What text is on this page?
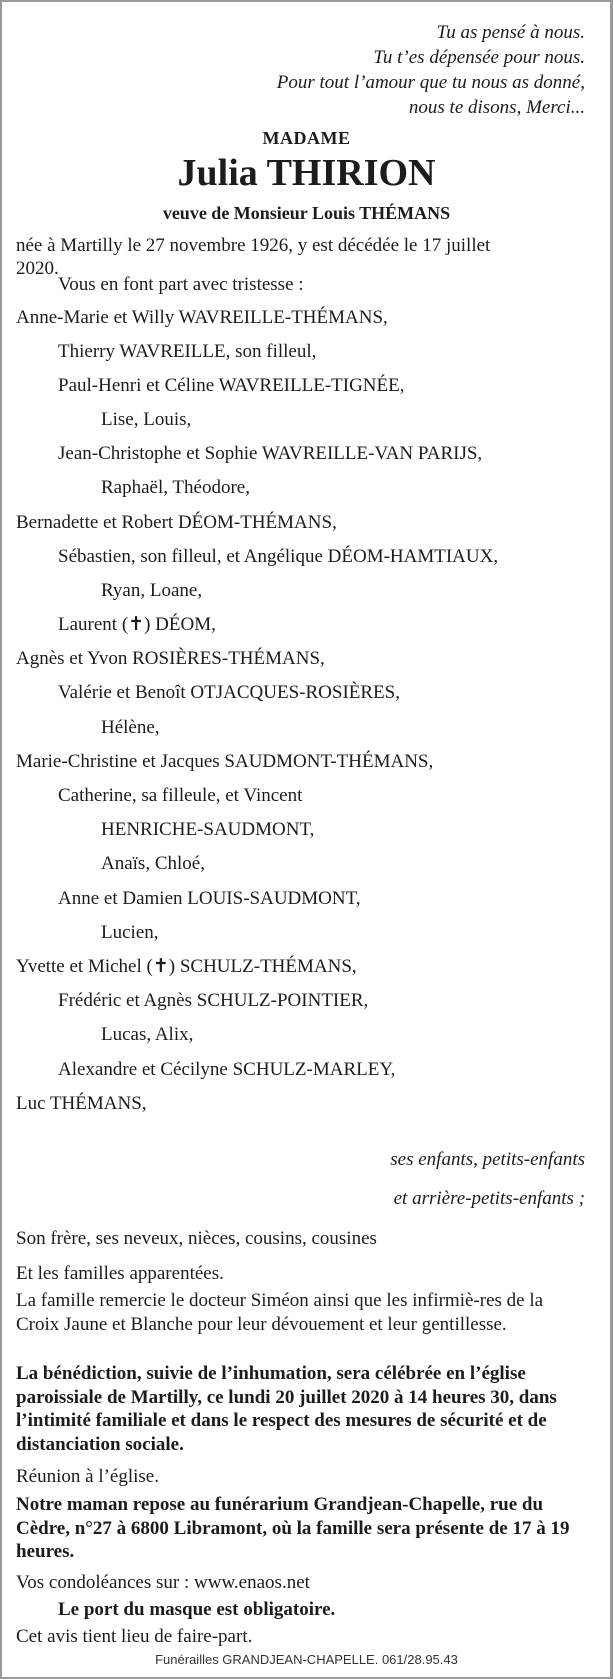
Tu as pensé à nous.
Tu t’es dépensée pour nous.
Pour tout l’amour que tu nous as donné,
nous te disons, Merci...
MADAME
Julia THIRION
veuve de Monsieur Louis THÉMANS
née à Martilly le 27 novembre 1926, y est décédée le 17 juillet 2020.
Vous en font part avec tristesse :
Anne-Marie et Willy WAVREILLE-THÉMANS,
Thierry WAVREILLE, son filleul,
Paul-Henri et Céline WAVREILLE-TIGNÉE,
Lise, Louis,
Jean-Christophe et Sophie WAVREILLE-VAN PARIJS,
Raphaël, Théodore,
Bernadette et Robert DÉOM-THÉMANS,
Sébastien, son filleul, et Angélique DÉOM-HAMTIAUX,
Ryan, Loane,
Laurent (✝) DÉOM,
Agnès et Yvon ROSIÈRES-THÉMANS,
Valérie et Benoît OTJACQUES-ROSIÈRES,
Hélène,
Marie-Christine et Jacques SAUDMONT-THÉMANS,
Catherine, sa filleule, et Vincent
HENRICHE-SAUDMONT,
Anaïs, Chloé,
Anne et Damien LOUIS-SAUDMONT,
Lucien,
Yvette et Michel (✝) SCHULZ-THÉMANS,
Frédéric et Agnès SCHULZ-POINTIER,
Lucas, Alix,
Alexandre et Cécilyne SCHULZ-MARLEY,
Luc THÉMANS,
ses enfants, petits-enfants
et arrière-petits-enfants ;
Son frère, ses neveux, nièces, cousins, cousines
Et les familles apparentées.
La famille remercie le docteur Siméon ainsi que les infirmiè-res de la Croix Jaune et Blanche pour leur dévouement et leur gentillesse.
La bénédiction, suivie de l’inhumation, sera célébrée en l’église paroissiale de Martilly, ce lundi 20 juillet 2020 à 14 heures 30, dans l’intimité familiale et dans le respect des mesures de sécurité et de distanciation sociale.
Réunion à l’église.
Notre maman repose au funérarium Grandjean-Chapelle, rue du Cèdre, n°27 à 6800 Libramont, où la famille sera présente de 17 à 19 heures.
Vos condoléances sur : www.enaos.net
Le port du masque est obligatoire.
Cet avis tient lieu de faire-part.
Funérailles GRANDJEAN-CHAPELLE. 061/28.95.43
